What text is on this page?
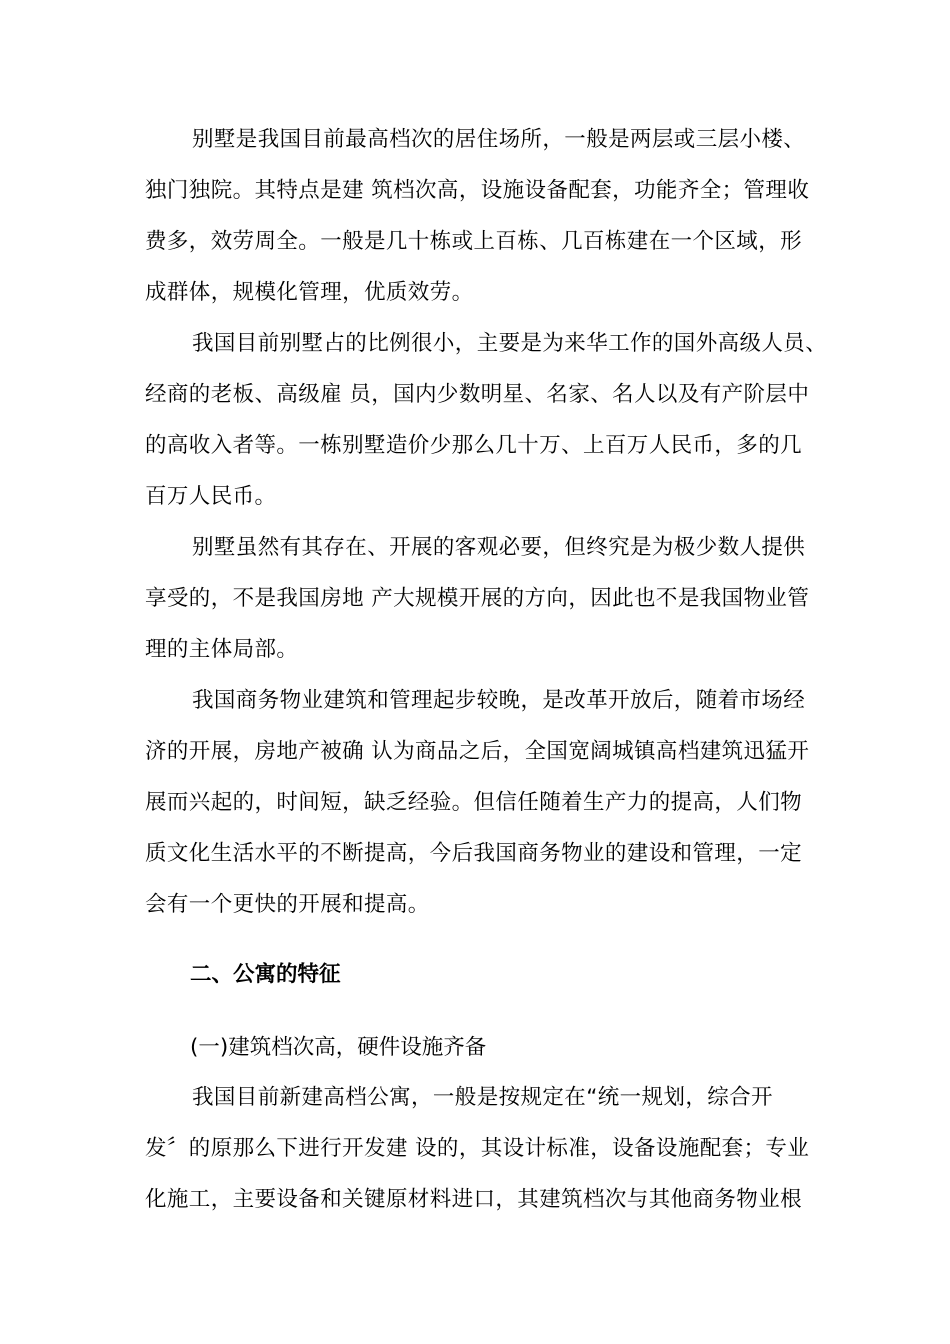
别墅是我国目前最高档次的居住场所，一般是两层或三层小楼、
独门独院。其特点是建 筑档次高，设施设备配套，功能齐全；管理收
费多，效劳周全。一般是几十栋或上百栋、几百栋建在一个区域，形
成群体，规模化管理，优质效劳。
我国目前别墅占的比例很小，主要是为来华工作的国外高级人员、
经商的老板、高级雇 员，国内少数明星、名家、名人以及有产阶层中
的高收入者等。一栋别墅造价少那么几十万、上百万人民币，多的几
百万人民币。
别墅虽然有其存在、开展的客观必要，但终究是为极少数人提供
享受的，不是我国房地 产大规模开展的方向，因此也不是我国物业管
理的主体局部。
我国商务物业建筑和管理起步较晚，是改革开放后，随着市场经
济的开展，房地产被确 认为商品之后，全国宽阔城镇高档建筑迅猛开
展而兴起的，时间短，缺乏经验。但信任随着生产力的提高，人们物
质文化生活水平的不断提高，今后我国商务物业的建设和管理，一定
会有一个更快的开展和提高。
二、公寓的特征
(一)建筑档次高，硬件设施齐备
我国目前新建高档公寓，一般是按规定在“统一规划，综合开
发〞的原那么下进行开发建 设的，其设计标准，设备设施配套；专业
化施工，主要设备和关键原材料进口，其建筑档次与其他商务物业根
